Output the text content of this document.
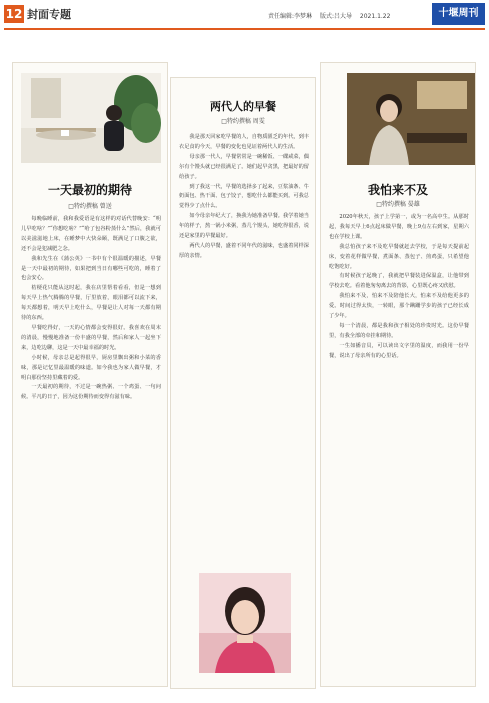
12 封面专题	责任编辑:李梦琳 版式:吕大导 2021.1.22	十堰周刊
一天最初的期待
□特约撰稿 曾送

每晚临睡前，我和我爱语是有这样的对话代替晚安：“明儿早吃啥？”“你想吃啥？”“哈了包谷粉蒸什么”然后，我就可以美滋滋地上床，在睡梦中大快朵颐，既满足了口腹之欲，还不会是犯减肥之念。

我和先生在《蒲公英》一书中有个很温暖的描述，早餐是一天中最初的期待，如果把到当日有哪些可吃的，睡着了也会安心。

桔梗花只能从这时起，我在店里帮着看看，但是一想到每天早上热气腾腾的早餐，厅里放着，眼泪都可以流下来，每天都想着，明天早上吃什么，早餐是让人对每一天都有期待的东西。

早餐吃得好，一天的心情都会变得很好。我喜欢在周末的清晨，慢慢地准备一份丰盛的早餐，然后和家人一起坐下来，边吃边聊，这是一天中最幸福的时光。

小时候，母亲总是起得很早，厨房里飘出粥和小菜的香味，那是记忆里最温暖的味道。如今我也为家人做早餐，才明白那份坚持里藏着的爱。

一天最初的期待，不过是一碗热粥、一个鸡蛋、一句问候。平凡的日子，因为这份期待而变得有滋有味。

两代人的早餐
□特约撰稿 周雯

我是那天回家吃早餐的人，自物质匮乏的年代，到丰衣足食的今天，早餐的变化也见证着两代人的生活。

母亲那一代人，早餐常常是一碗稀饭、一碟咸菜，偶尔有个馒头就已经很满足了。她们起早贪黑，把最好的留给孩子。

到了我这一代，早餐的选择多了起来，豆浆油条、牛奶面包、热干面、包子饺子，想吃什么都能买到。可我总觉得少了点什么。

如今母亲年纪大了，换我为她准备早餐。我学着她当年的样子，熬一锅小米粥，蒸几个馒头，她吃得很香，说还是家里的早餐最好。

两代人的早餐，盛着不同年代的滋味，也盛着同样深厚的亲情。

我怕来不及
□特约撰稿 晏雄

2020年秋天，孩子上学第一，或为一名高中生。从那时起，我每天早上6点起床做早餐，晚上9点左右到家，星期六也在学校上课。

我总怕孩子来不及吃早餐就赶去学校，于是每天提前起床，变着花样做早餐，煮面条、蒸包子、煎鸡蛋，只希望他吃饱吃好。

有时候孩子起晚了，我就把早餐装进保温盒，让他带到学校去吃。看着他匆匆离去的背影，心里既心疼又欣慰。

我怕来不及，怕来不及陪他长大，怕来不及给他更多的爱。时间过得太快，一转眼，那个蹒跚学步的孩子已经长成了少年。

每一个清晨，都是我和孩子相处的珍贵时光。这份早餐里，有我全部的牵挂和期待。

一生如播音员，可以读出文字里的温度，而我用一份早餐，说出了母亲所有的心里话。
